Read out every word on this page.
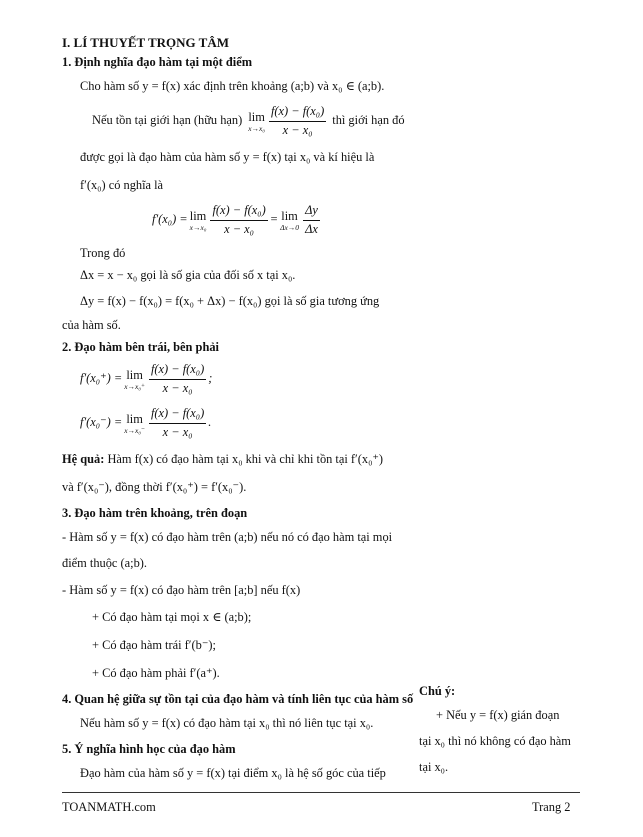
I. LÍ THUYẾT TRỌNG TÂM
1. Định nghĩa đạo hàm tại một điểm
Cho hàm số y = f(x) xác định trên khoảng (a;b) và x₀ ∈ (a;b).
Nếu tồn tại giới hạn (hữu hạn) lim
$x\to x_0 \frac{\text{f(x) − f(x₀)}}{\text{x − x₀}}$ thì giới hạn đó
được gọi là đạo hàm của hàm số y = f(x) tại x₀ và kí hiệu là
f′(x₀) có nghĩa là
f′(x₀) = lim
$x\to x_0 \frac{\text{f(x) − f(x₀)}}{\text{x − x₀}} = \lim$
$\Delta x\to 0 \frac{\Delta y}{\Delta x}$
Trong đó
Δx = x − x₀ gọi là số gia của đối số x tại x₀.
Δy = f(x) − f(x₀) = f(x₀ + Δx) − f(x₀) gọi là số gia tương ứng
của hàm số.
2. Đạo hàm bên trái, bên phải
f′(x₀⁺) = lim
$x\to x_0^+ \frac{\text{f(x) − f(x₀)}}{\text{x − x₀}}$ ;
f′(x₀⁻) = lim
$x\to x_0^- \frac{\text{f(x) − f(x₀)}}{\text{x − x₀}}$ .
Hệ quả: Hàm f(x) có đạo hàm tại x₀ khi và chỉ khi tồn tại f′(x₀⁺)
và f′(x₀⁻), đồng thời f′(x₀⁺) = f′(x₀⁻).
3. Đạo hàm trên khoảng, trên đoạn
- Hàm số y = f(x) có đạo hàm trên (a;b) nếu nó có đạo hàm tại mọi
điểm thuộc (a;b).
- Hàm số y = f(x) có đạo hàm trên [a;b] nếu f(x)
+ Có đạo hàm tại mọi x ∈ (a;b);
+ Có đạo hàm trái f′(b⁻);
+ Có đạo hàm phải f′(a⁺).
4. Quan hệ giữa sự tồn tại của đạo hàm và tính liên tục của hàm số
Nếu hàm số y = f(x) có đạo hàm tại x₀ thì nó liên tục tại x₀.
Chú ý:
+ Nếu y = f(x) gián đoạn
tại x₀ thì nó không có đạo hàm
tại x₀.
5. Ý nghĩa hình học của đạo hàm
Đạo hàm của hàm số y = f(x) tại điểm x₀ là hệ số góc của tiếp
TOANMATH.com	Trang 2
